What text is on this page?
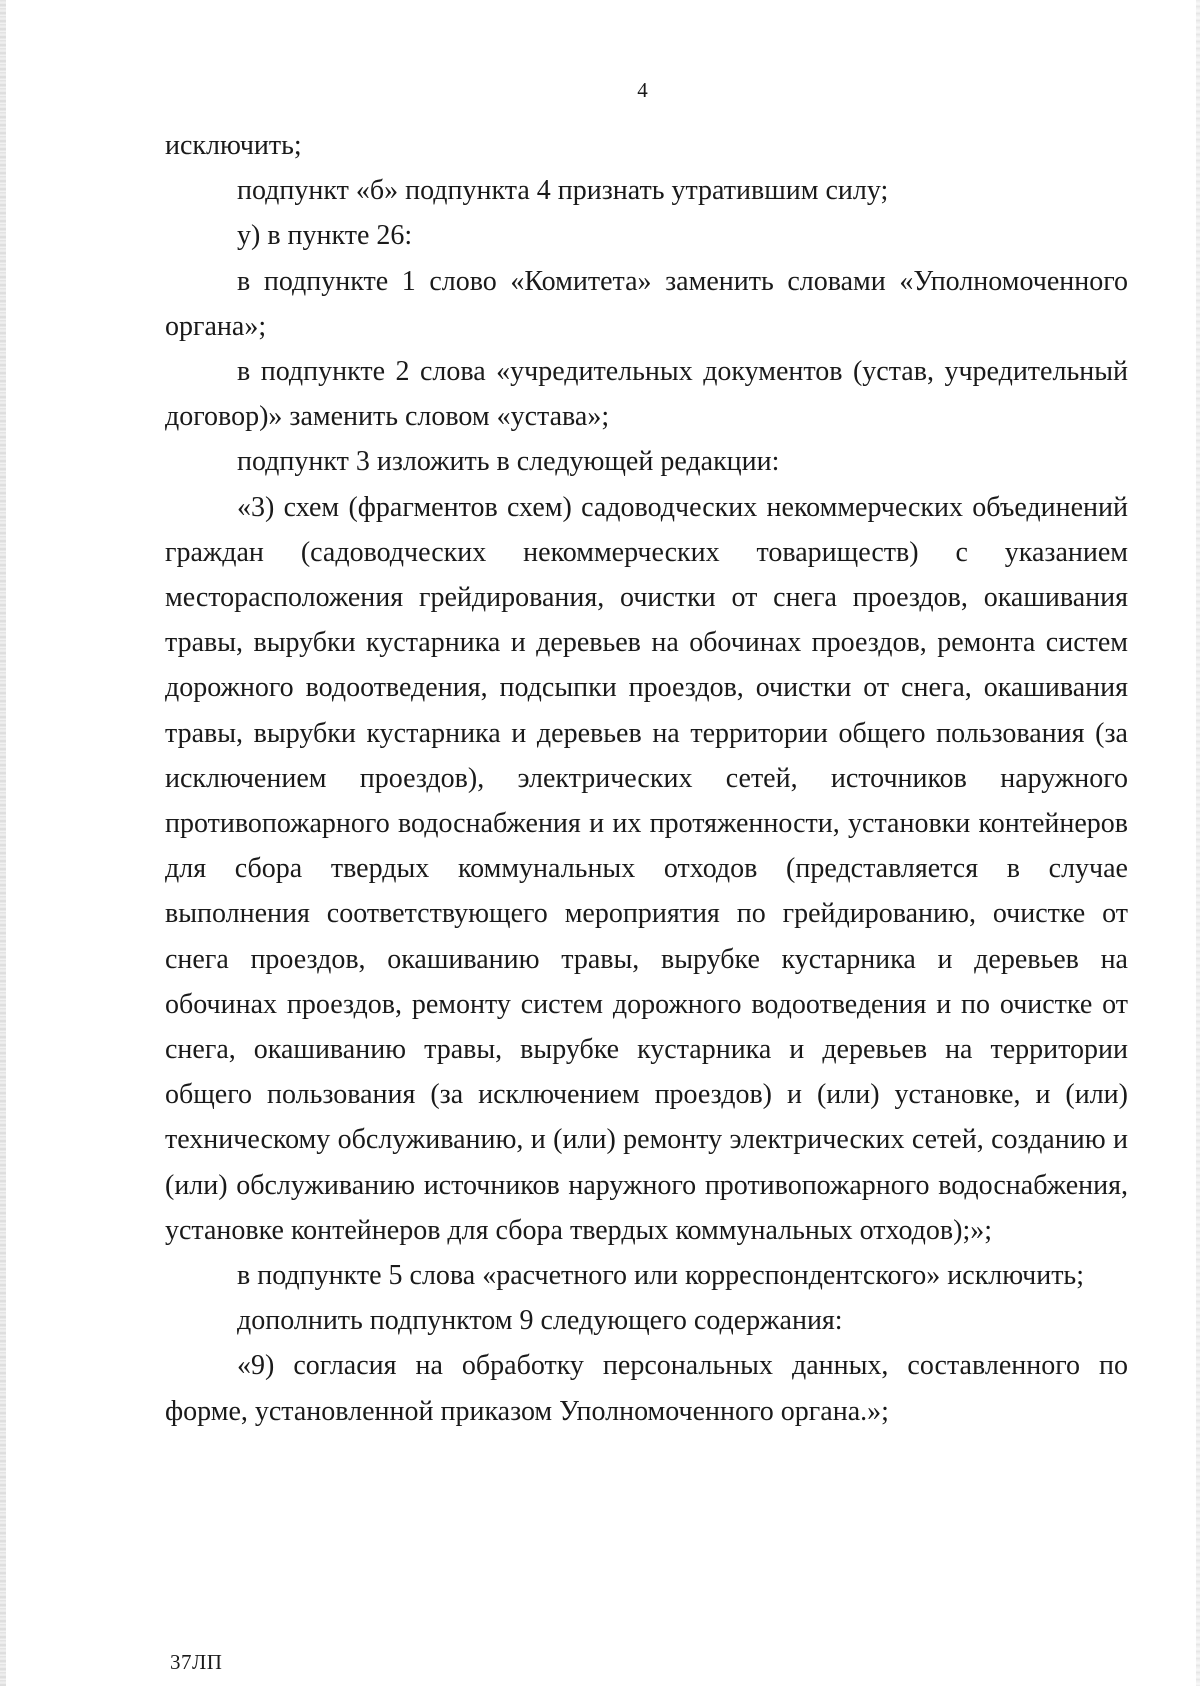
4

исключить;

подпункт «б» подпункта 4 признать утратившим силу;

у) в пункте 26:

в подпункте 1 слово «Комитета» заменить словами «Уполномоченного органа»;

в подпункте 2 слова «учредительных документов (устав, учредительный договор)» заменить словом «устава»;

подпункт 3 изложить в следующей редакции:

«3) схем (фрагментов схем) садоводческих некоммерческих объединений граждан (садоводческих некоммерческих товариществ) с указанием месторасположения грейдирования, очистки от снега проездов, окашивания травы, вырубки кустарника и деревьев на обочинах проездов, ремонта систем дорожного водоотведения, подсыпки проездов, очистки от снега, окашивания травы, вырубки кустарника и деревьев на территории общего пользования (за исключением проездов), электрических сетей, источников наружного противопожарного водоснабжения и их протяженности, установки контейнеров для сбора твердых коммунальных отходов (представляется в случае выполнения соответствующего мероприятия по грейдированию, очистке от снега проездов, окашиванию травы, вырубке кустарника и деревьев на обочинах проездов, ремонту систем дорожного водоотведения и по очистке от снега, окашиванию травы, вырубке кустарника и деревьев на территории общего пользования (за исключением проездов) и (или) установке, и (или) техническому обслуживанию, и (или) ремонту электрических сетей, созданию и (или) обслуживанию источников наружного противопожарного водоснабжения, установке контейнеров для сбора твердых коммунальных отходов);»;

в подпункте 5 слова «расчетного или корреспондентского» исключить;

дополнить подпунктом 9 следующего содержания:

«9) согласия на обработку персональных данных, составленного по форме, установленной приказом Уполномоченного органа.»;

37ЛП
